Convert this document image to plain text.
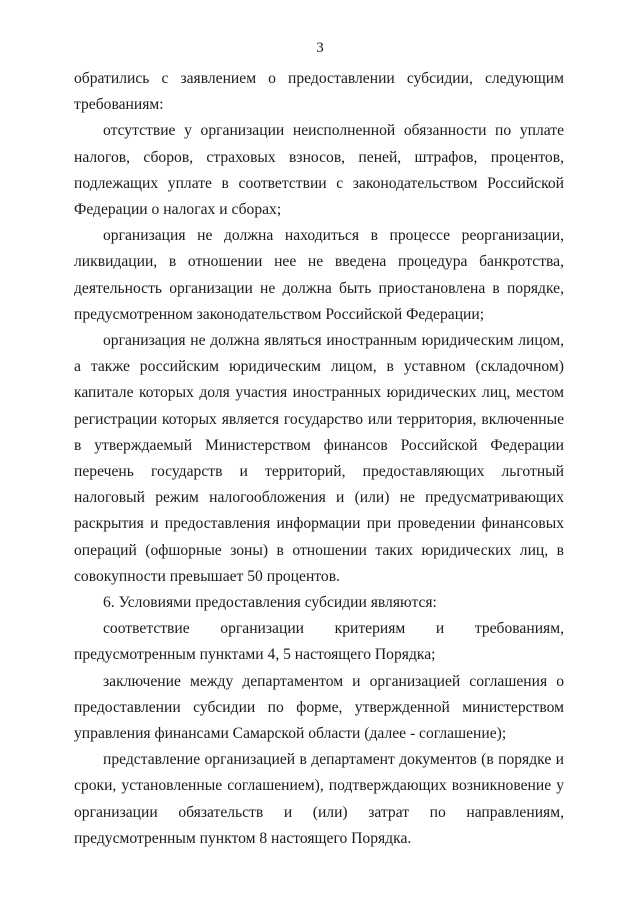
3

обратились с заявлением о предоставлении субсидии, следующим требованиям:

отсутствие у организации неисполненной обязанности по уплате налогов, сборов, страховых взносов, пеней, штрафов, процентов, подлежащих уплате в соответствии с законодательством Российской Федерации о налогах и сборах;

организация не должна находиться в процессе реорганизации, ликвидации, в отношении нее не введена процедура банкротства, деятельность организации не должна быть приостановлена в порядке, предусмотренном законодательством Российской Федерации;

организация не должна являться иностранным юридическим лицом, а также российским юридическим лицом, в уставном (складочном) капитале которых доля участия иностранных юридических лиц, местом регистрации которых является государство или территория, включенные в утверждаемый Министерством финансов Российской Федерации перечень государств и территорий, предоставляющих льготный налоговый режим налогообложения и (или) не предусматривающих раскрытия и предоставления информации при проведении финансовых операций (офшорные зоны) в отношении таких юридических лиц, в совокупности превышает 50 процентов.

6. Условиями предоставления субсидии являются:

соответствие организации критериям и требованиям, предусмотренным пунктами 4, 5 настоящего Порядка;

заключение между департаментом и организацией соглашения о предоставлении субсидии по форме, утвержденной министерством управления финансами Самарской области (далее - соглашение);

представление организацией в департамент документов (в порядке и сроки, установленные соглашением), подтверждающих возникновение у организации обязательств и (или) затрат по направлениям, предусмотренным пунктом 8 настоящего Порядка.
